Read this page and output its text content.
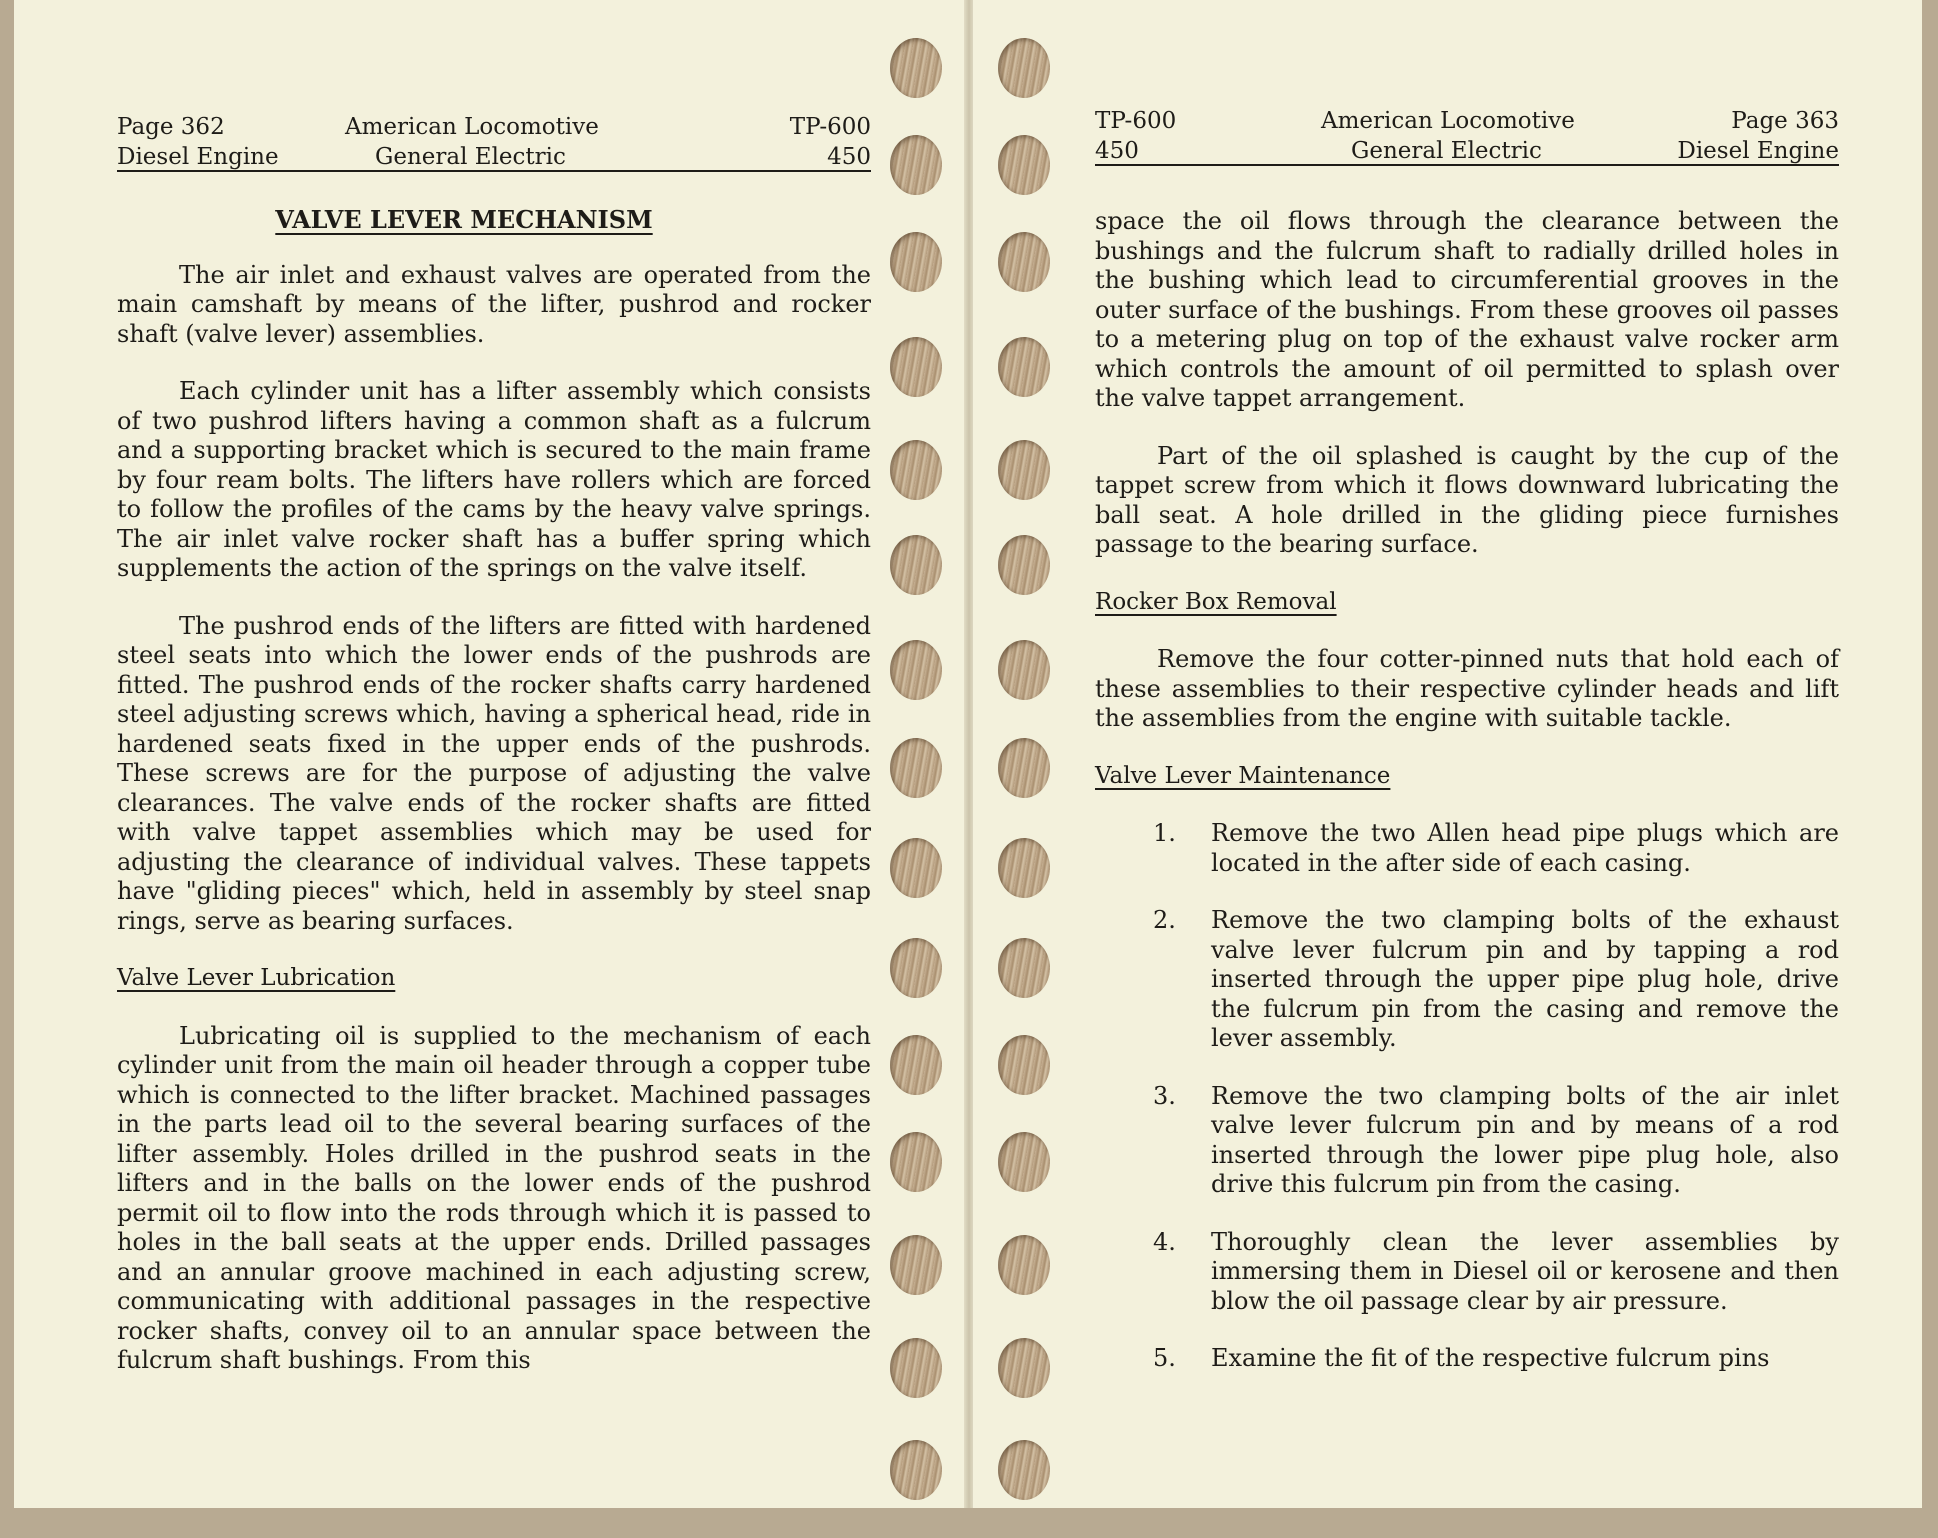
Page 362
Diesel Engine
American Locomotive
General Electric
TP-600
450
VALVE LEVER MECHANISM

The air inlet and exhaust valves are operated from the main camshaft by means of the lifter, pushrod and rocker shaft (valve lever) assemblies.

Each cylinder unit has a lifter assembly which consists of two pushrod lifters having a common shaft as a fulcrum and a supporting bracket which is secured to the main frame by four ream bolts. The lifters have rollers which are forced to follow the profiles of the cams by the heavy valve springs. The air inlet valve rocker shaft has a buffer spring which supplements the action of the springs on the valve itself.

The pushrod ends of the lifters are fitted with hardened steel seats into which the lower ends of the pushrods are fitted. The pushrod ends of the rocker shafts carry hardened steel adjusting screws which, having a spherical head, ride in hardened seats fixed in the upper ends of the pushrods. These screws are for the purpose of adjusting the valve clearances. The valve ends of the rocker shafts are fitted with valve tappet assemblies which may be used for adjusting the clearance of individual valves. These tappets have "gliding pieces" which, held in assembly by steel snap rings, serve as bearing surfaces.

Valve Lever Lubrication

Lubricating oil is supplied to the mechanism of each cylinder unit from the main oil header through a copper tube which is connected to the lifter bracket. Machined passages in the parts lead oil to the several bearing surfaces of the lifter assembly. Holes drilled in the pushrod seats in the lifters and in the balls on the lower ends of the pushrod permit oil to flow into the rods through which it is passed to holes in the ball seats at the upper ends. Drilled passages and an annular groove machined in each adjusting screw, communicating with additional passages in the respective rocker shafts, convey oil to an annular space between the fulcrum shaft bushings. From this

TP-600
450
American Locomotive
General Electric
Page 363
Diesel Engine

space the oil flows through the clearance between the bushings and the fulcrum shaft to radially drilled holes in the bushing which lead to circumferential grooves in the outer surface of the bushings. From these grooves oil passes to a metering plug on top of the exhaust valve rocker arm which controls the amount of oil permitted to splash over the valve tappet arrangement.

Part of the oil splashed is caught by the cup of the tappet screw from which it flows downward lubricating the ball seat. A hole drilled in the gliding piece furnishes passage to the bearing surface.

Rocker Box Removal

Remove the four cotter-pinned nuts that hold each of these assemblies to their respective cylinder heads and lift the assemblies from the engine with suitable tackle.

Valve Lever Maintenance

1. Remove the two Allen head pipe plugs which are located in the after side of each casing.
2. Remove the two clamping bolts of the exhaust valve lever fulcrum pin and by tapping a rod inserted through the upper pipe plug hole, drive the fulcrum pin from the casing and remove the lever assembly.
3. Remove the two clamping bolts of the air inlet valve lever fulcrum pin and by means of a rod inserted through the lower pipe plug hole, also drive this fulcrum pin from the casing.
4. Thoroughly clean the lever assemblies by immersing them in Diesel oil or kerosene and then blow the oil passage clear by air pressure.
5. Examine the fit of the respective fulcrum pins
